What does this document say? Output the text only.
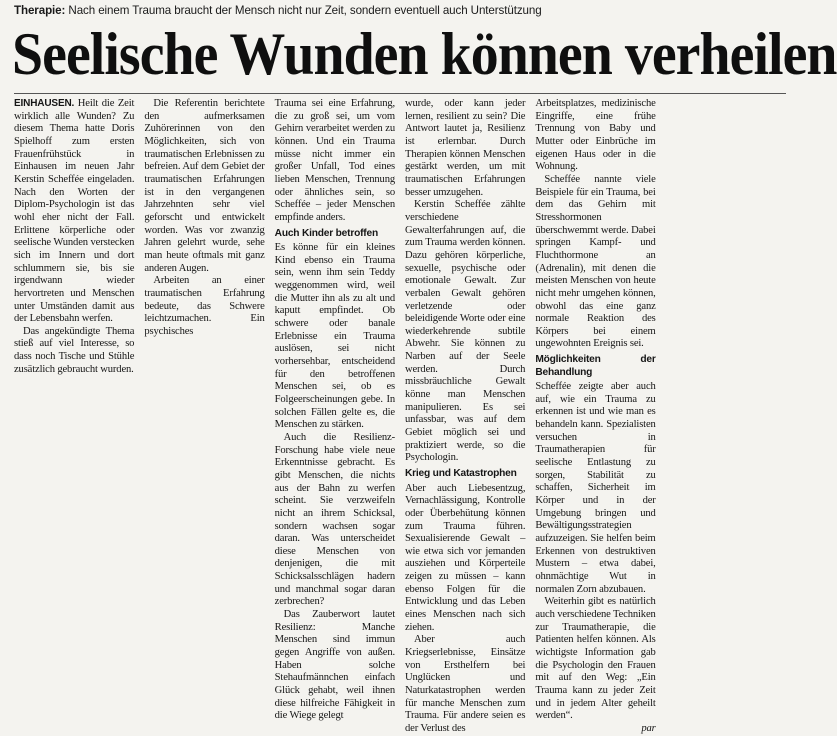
Therapie: Nach einem Trauma braucht der Mensch nicht nur Zeit, sondern eventuell auch Unterstützung
Seelische Wunden können verheilen

EINHAUSEN. Heilt die Zeit wirklich alle Wunden? Zu diesem Thema hatte Doris Spielhoff zum ersten Frauenfrühstück in Einhausen im neuen Jahr Kerstin Scheffée eingeladen. Nach den Worten der Diplom-Psychologin ist das wohl eher nicht der Fall. Erlittene körperliche oder seelische Wunden verstecken sich im Innern und dort schlummern sie, bis sie irgendwann wieder hervortreten und Menschen unter Umständen damit aus der Lebensbahn werfen.

Das angekündigte Thema stieß auf viel Interesse, so dass noch Tische und Stühle zusätzlich gebraucht wurden.

Die Referentin berichtete den aufmerksamen Zuhörerinnen von den Möglichkeiten, sich von traumatischen Erlebnissen zu befreien. Auf dem Gebiet der traumatischen Erfahrungen ist in den vergangenen Jahrzehnten sehr viel geforscht und entwickelt worden. Was vor zwanzig Jahren gelehrt wurde, sehe man heute oftmals mit ganz anderen Augen.

Arbeiten an einer traumatischen Erfahrung bedeute, das Schwere leichtzumachen. Ein psychisches

Trauma sei eine Erfahrung, die zu groß sei, um vom Gehirn verarbeitet werden zu können. Und ein Trauma müsse nicht immer ein großer Unfall, Tod eines lieben Menschen, Trennung oder ähnliches sein, so Scheffée – jeder Menschen empfinde anders.

Auch Kinder betroffen

Es könne für ein kleines Kind ebenso ein Trauma sein, wenn ihm sein Teddy weggenommen wird, weil die Mutter ihn als zu alt und kaputt empfindet. Ob schwere oder banale Erlebnisse ein Trauma auslösen, sei nicht vorhersehbar, entscheidend für den betroffenen Menschen sei, ob es Folgeerscheinungen gebe. In solchen Fällen gelte es, die Menschen zu stärken.

Auch die Resilienz-Forschung habe viele neue Erkenntnisse gebracht. Es gibt Menschen, die nichts aus der Bahn zu werfen scheint. Sie verzweifeln nicht an ihrem Schicksal, sondern wachsen sogar daran. Was unterscheidet diese Menschen von denjenigen, die mit Schicksalsschlägen hadern und manchmal sogar daran zerbrechen?

Das Zauberwort lautet Resilienz: Manche Menschen sind immun gegen Angriffe von außen. Haben solche Stehaufmännchen einfach Glück gehabt, weil ihnen diese hilfreiche Fähigkeit in die Wiege gelegt

wurde, oder kann jeder lernen, resilient zu sein? Die Antwort lautet ja, Resilienz ist erlernbar. Durch Therapien können Menschen gestärkt werden, um mit traumatischen Erfahrungen besser umzugehen.

Kerstin Scheffée zählte verschiedene Gewalterfahrungen auf, die zum Trauma werden können. Dazu gehören körperliche, sexuelle, psychische oder emotionale Gewalt. Zur verbalen Gewalt gehören verletzende oder beleidigende Worte oder eine wiederkehrende subtile Abwehr. Sie können zu Narben auf der Seele werden. Durch missbräuchliche Gewalt könne man Menschen manipulieren. Es sei unfassbar, was auf dem Gebiet möglich sei und praktiziert werde, so die Psychologin.

Krieg und Katastrophen

Aber auch Liebesentzug, Vernachlässigung, Kontrolle oder Überbehütung können zum Trauma führen. Sexualisierende Gewalt – wie etwa sich vor jemanden ausziehen und Körperteile zeigen zu müssen – kann ebenso Folgen für die Entwicklung und das Leben eines Menschen nach sich ziehen.

Aber auch Kriegserlebnisse, Einsätze von Ersthelfern bei Unglücken und Naturkatastrophen werden für manche Menschen zum Trauma. Für andere seien es der Verlust des

Arbeitsplatzes, medizinische Eingriffe, eine frühe Trennung von Baby und Mutter oder Einbrüche im eigenen Haus oder in die Wohnung.

Scheffée nannte viele Beispiele für ein Trauma, bei dem das Gehirn mit Stresshormonen überschwemmt werde. Dabei springen Kampf- und Fluchthormone an (Adrenalin), mit denen die meisten Menschen von heute nicht mehr umgehen können, obwohl das eine ganz normale Reaktion des Körpers bei einem ungewohnten Ereignis sei.

Möglichkeiten der Behandlung

Scheffée zeigte aber auch auf, wie ein Trauma zu erkennen ist und wie man es behandeln kann. Spezialisten versuchen in Traumatherapien für seelische Entlastung zu sorgen, Stabilität zu schaffen, Sicherheit im Körper und in der Umgebung bringen und Bewältigungsstrategien aufzuzeigen. Sie helfen beim Erkennen von destruktiven Mustern – etwa dabei, ohnmächtige Wut in normalen Zorn abzubauen.

Weiterhin gibt es natürlich auch verschiedene Techniken zur Traumatherapie, die Patienten helfen können. Als wichtigste Information gab die Psychologin den Frauen mit auf den Weg: „Ein Trauma kann zu jeder Zeit und in jedem Alter geheilt werden“.

par
